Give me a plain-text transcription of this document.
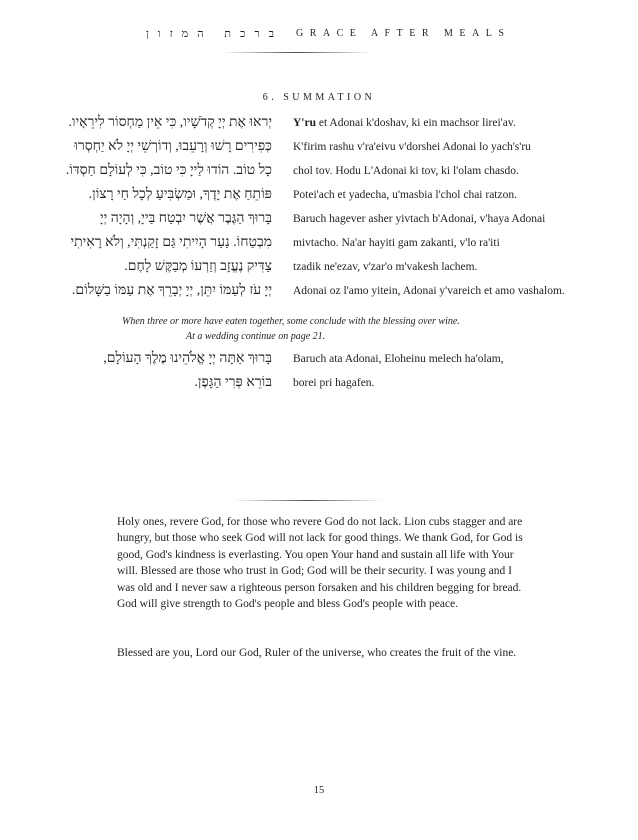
ברכת המזון GRACE AFTER MEALS
6. SUMMATION
יְראוּ אֶת יְיָ קְדֹשָׁיו, כִּי אֵין מַחְסוֹר לִירֵאָיו.
כְּפִירִים רָשׁוּ וְרָעֵבוּ, וְדוֹרְשֵׁי יְיָ לֹא יַחְסְרוּ
כָל טוֹב. הוֹדוּ לַייָ כִּי טוֹב, כִּי לְעוֹלָם חַסְדּוֹ.
פּוֹתֵחַ אֶת יָדֶךָ, וּמַשְׂבִּיעַ לְכָל חַי רָצוֹן.
בָּרוּךְ הַגֶּבֶר אֲשֶׁר יִבְטַח בַּייָ, וְהָיָה יְיָ
מִבְטַחוֹ. נַעַר הָיִיתִי גַּם זָקַנְתִּי, וְלֹא רָאִיתִי
צַדִּיק נֶעֱזָב וְזַרְעוֹ מְבַקֶּשׁ לָחֶם.
יְיָ עֹז לְעַמּוֹ יִתֵּן, יְיָ יְבָרֵךְ אֶת עַמּוֹ בַשָּׁלוֹם.
Y'ru et Adonai k'doshav, ki ein machsor lirei'av.
K'firim rashu v'ra'eivu v'dorshei Adonai lo yach's'ru
chol tov. Hodu L'Adonai ki tov, ki l'olam chasdo.
Potei'ach et yadecha, u'masbia l'chol chai ratzon.
Baruch hagever asher yivtach b'Adonai, v'haya Adonai
mivtacho. Na'ar hayiti gam zakanti, v'lo ra'iti
tzadik ne'ezav, v'zar'o m'vakesh lachem.
Adonai oz l'amo yitein, Adonai y'vareich et amo vashalom.
When three or more have eaten together, some conclude with the blessing over wine.
At a wedding continue on page 21.
בָּרוּךְ אַתָּה יְיָ אֱלֹהֵינוּ מֶלֶךְ הָעוֹלָם,
בּוֹרֵא פְּרִי הַגָּפֶן.
Baruch ata Adonai, Eloheinu melech ha'olam,
borei pri hagafen.

Holy ones, revere God, for those who revere God do not lack. Lion cubs stagger and are hungry, but those who seek God will not lack for good things. We thank God, for God is good, God's kindness is everlasting. You open Your hand and sustain all life with Your will. Blessed are those who trust in God; God will be their security. I was young and I was old and I never saw a righteous person forsaken and his children begging for bread. God will give strength to God's people and bless God's people with peace.

Blessed are you, Lord our God, Ruler of the universe, who creates the fruit of the vine.

15
